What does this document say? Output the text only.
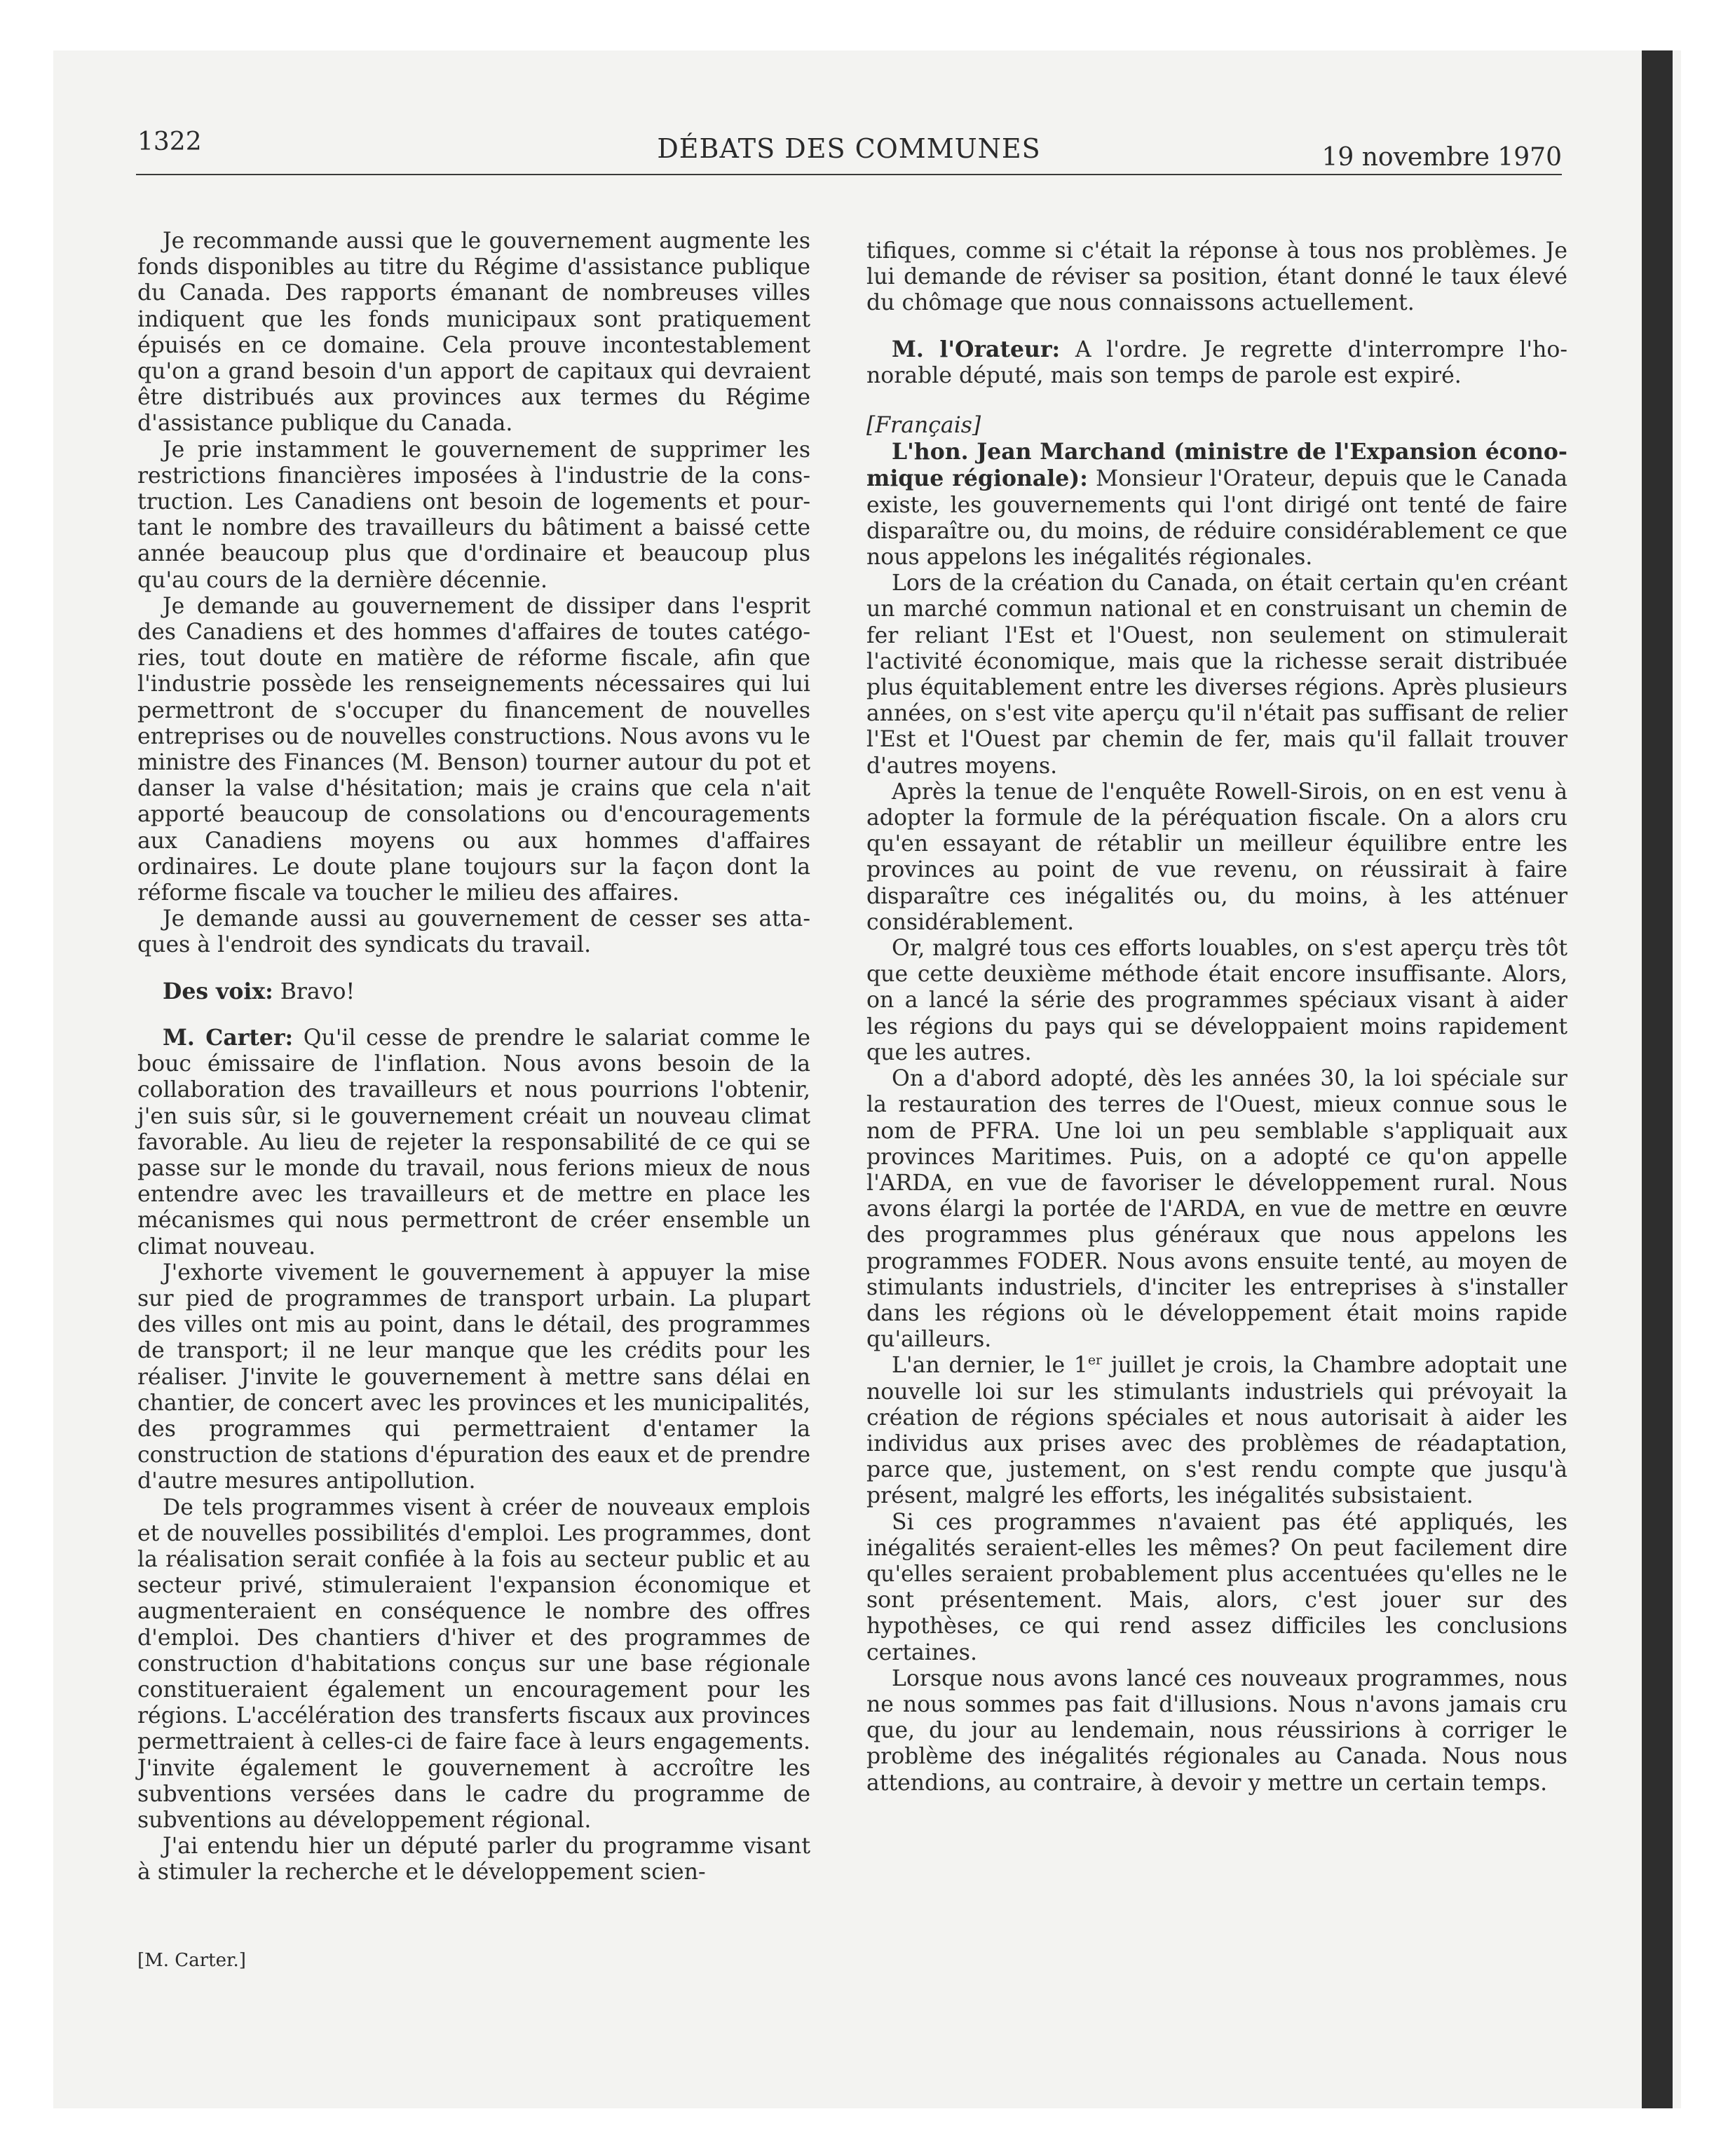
1322	DÉBATS DES COMMUNES	19 novembre 1970

Je recommande aussi que le gouvernement augmente les fonds disponibles au titre du Régime d'assistance publique du Canada. Des rapports émanant de nombreuses villes indiquent que les fonds municipaux sont pratiquement épuisés en ce domaine. Cela prouve incontestablement qu'on a grand besoin d'un apport de capitaux qui devraient être distribués aux provinces aux termes du Régime d'assistance publique du Canada.

Je prie instamment le gouvernement de supprimer les restrictions financières imposées à l'industrie de la construction. Les Canadiens ont besoin de logements et pourtant le nombre des travailleurs du bâtiment a baissé cette année beaucoup plus que d'ordinaire et beaucoup plus qu'au cours de la dernière décennie.

Je demande au gouvernement de dissiper dans l'esprit des Canadiens et des hommes d'affaires de toutes catégories, tout doute en matière de réforme fiscale, afin que l'industrie possède les renseignements nécessaires qui lui permettront de s'occuper du financement de nouvelles entreprises ou de nouvelles constructions. Nous avons vu le ministre des Finances (M. Benson) tourner autour du pot et danser la valse d'hésitation; mais je crains que cela n'ait apporté beaucoup de consolations ou d'encouragements aux Canadiens moyens ou aux hommes d'affaires ordinaires. Le doute plane toujours sur la façon dont la réforme fiscale va toucher le milieu des affaires.

Je demande aussi au gouvernement de cesser ses attaques à l'endroit des syndicats du travail.

Des voix: Bravo!

M. Carter: Qu'il cesse de prendre le salariat comme le bouc émissaire de l'inflation. Nous avons besoin de la collaboration des travailleurs et nous pourrions l'obtenir, j'en suis sûr, si le gouvernement créait un nouveau climat favorable. Au lieu de rejeter la responsabilité de ce qui se passe sur le monde du travail, nous ferions mieux de nous entendre avec les travailleurs et de mettre en place les mécanismes qui nous permettront de créer ensemble un climat nouveau.

J'exhorte vivement le gouvernement à appuyer la mise sur pied de programmes de transport urbain. La plupart des villes ont mis au point, dans le détail, des programmes de transport; il ne leur manque que les crédits pour les réaliser. J'invite le gouvernement à mettre sans délai en chantier, de concert avec les provinces et les municipalités, des programmes qui permettraient d'entamer la construction de stations d'épuration des eaux et de prendre d'autre mesures antipollution.

De tels programmes visent à créer de nouveaux emplois et de nouvelles possibilités d'emploi. Les programmes, dont la réalisation serait confiée à la fois au secteur public et au secteur privé, stimuleraient l'expansion économique et augmenteraient en conséquence le nombre des offres d'emploi. Des chantiers d'hiver et des programmes de construction d'habitations conçus sur une base régionale constitueraient également un encouragement pour les régions. L'accélération des transferts fiscaux aux provinces permettraient à celles-ci de faire face à leurs engagements. J'invite également le gouvernement à accroître les subventions versées dans le cadre du programme de subventions au développement régional.

J'ai entendu hier un député parler du programme visant à stimuler la recherche et le développement scien-

[M. Carter.]

tifiques, comme si c'était la réponse à tous nos problèmes. Je lui demande de réviser sa position, étant donné le taux élevé du chômage que nous connaissons actuellement.

M. l'Orateur: A l'ordre. Je regrette d'interrompre l'honorable député, mais son temps de parole est expiré.

[Français]

L'hon. Jean Marchand (ministre de l'Expansion économique régionale): Monsieur l'Orateur, depuis que le Canada existe, les gouvernements qui l'ont dirigé ont tenté de faire disparaître ou, du moins, de réduire considérablement ce que nous appelons les inégalités régionales.

Lors de la création du Canada, on était certain qu'en créant un marché commun national et en construisant un chemin de fer reliant l'Est et l'Ouest, non seulement on stimulerait l'activité économique, mais que la richesse serait distribuée plus équitablement entre les diverses régions. Après plusieurs années, on s'est vite aperçu qu'il n'était pas suffisant de relier l'Est et l'Ouest par chemin de fer, mais qu'il fallait trouver d'autres moyens.

Après la tenue de l'enquête Rowell-Sirois, on en est venu à adopter la formule de la péréquation fiscale. On a alors cru qu'en essayant de rétablir un meilleur équilibre entre les provinces au point de vue revenu, on réussirait à faire disparaître ces inégalités ou, du moins, à les atténuer considérablement.

Or, malgré tous ces efforts louables, on s'est aperçu très tôt que cette deuxième méthode était encore insuffisante. Alors, on a lancé la série des programmes spéciaux visant à aider les régions du pays qui se développaient moins rapidement que les autres.

On a d'abord adopté, dès les années 30, la loi spéciale sur la restauration des terres de l'Ouest, mieux connue sous le nom de PFRA. Une loi un peu semblable s'appliquait aux provinces Maritimes. Puis, on a adopté ce qu'on appelle l'ARDA, en vue de favoriser le développement rural. Nous avons élargi la portée de l'ARDA, en vue de mettre en œuvre des programmes plus généraux que nous appelons les programmes FODER. Nous avons ensuite tenté, au moyen de stimulants industriels, d'inciter les entreprises à s'installer dans les régions où le développement était moins rapide qu'ailleurs.

L'an dernier, le 1er juillet je crois, la Chambre adoptait une nouvelle loi sur les stimulants industriels qui prévoyait la création de régions spéciales et nous autorisait à aider les individus aux prises avec des problèmes de réadaptation, parce que, justement, on s'est rendu compte que jusqu'à présent, malgré les efforts, les inégalités subsistaient.

Si ces programmes n'avaient pas été appliqués, les inégalités seraient-elles les mêmes? On peut facilement dire qu'elles seraient probablement plus accentuées qu'elles ne le sont présentement. Mais, alors, c'est jouer sur des hypothèses, ce qui rend assez difficiles les conclusions certaines.

Lorsque nous avons lancé ces nouveaux programmes, nous ne nous sommes pas fait d'illusions. Nous n'avons jamais cru que, du jour au lendemain, nous réussirions à corriger le problème des inégalités régionales au Canada. Nous nous attendions, au contraire, à devoir y mettre un certain temps.
